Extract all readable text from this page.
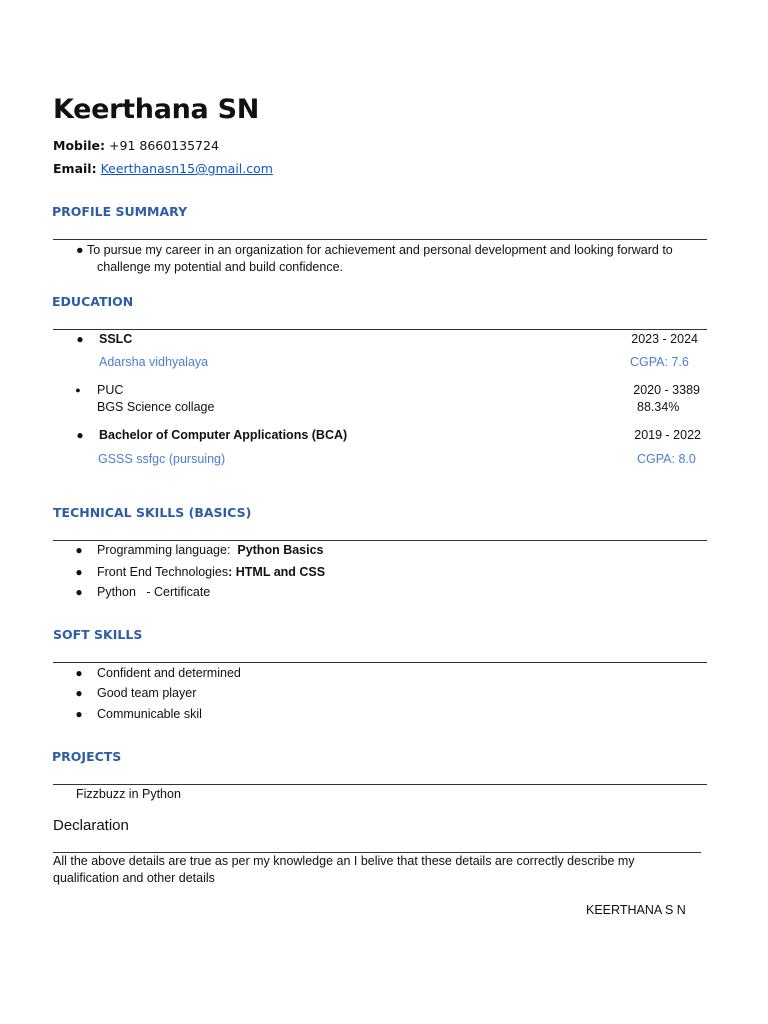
Keerthana SN
Mobile: +91 8660135724
Email: Keerthanasn15@gmail.com
PROFILE SUMMARY
● To pursue my career in an organization for achievement and personal development and looking forward to
challenge my potential and build confidence.
EDUCATION
● SSLC	2023 - 2024
Adarsha vidhyalaya	CGPA: 7.6
● PUC	2020 - 3389
BGS Science collage	88.34%
● Bachelor of Computer Applications (BCA)	2019 - 2022
GSSS ssfgc (pursuing)	CGPA: 8.0
TECHNICAL SKILLS (BASICS)
● Programming language:  Python Basics
● Front End Technologies: HTML and CSS
● Python   - Certificate
SOFT SKILLS
● Confident and determined
● Good team player
● Communicable skil
PROJECTS
Fizzbuzz in Python
Declaration
All the above details are true as per my knowledge an I belive that these details are correctly describe my
qualification and other details
KEERTHANA S N
